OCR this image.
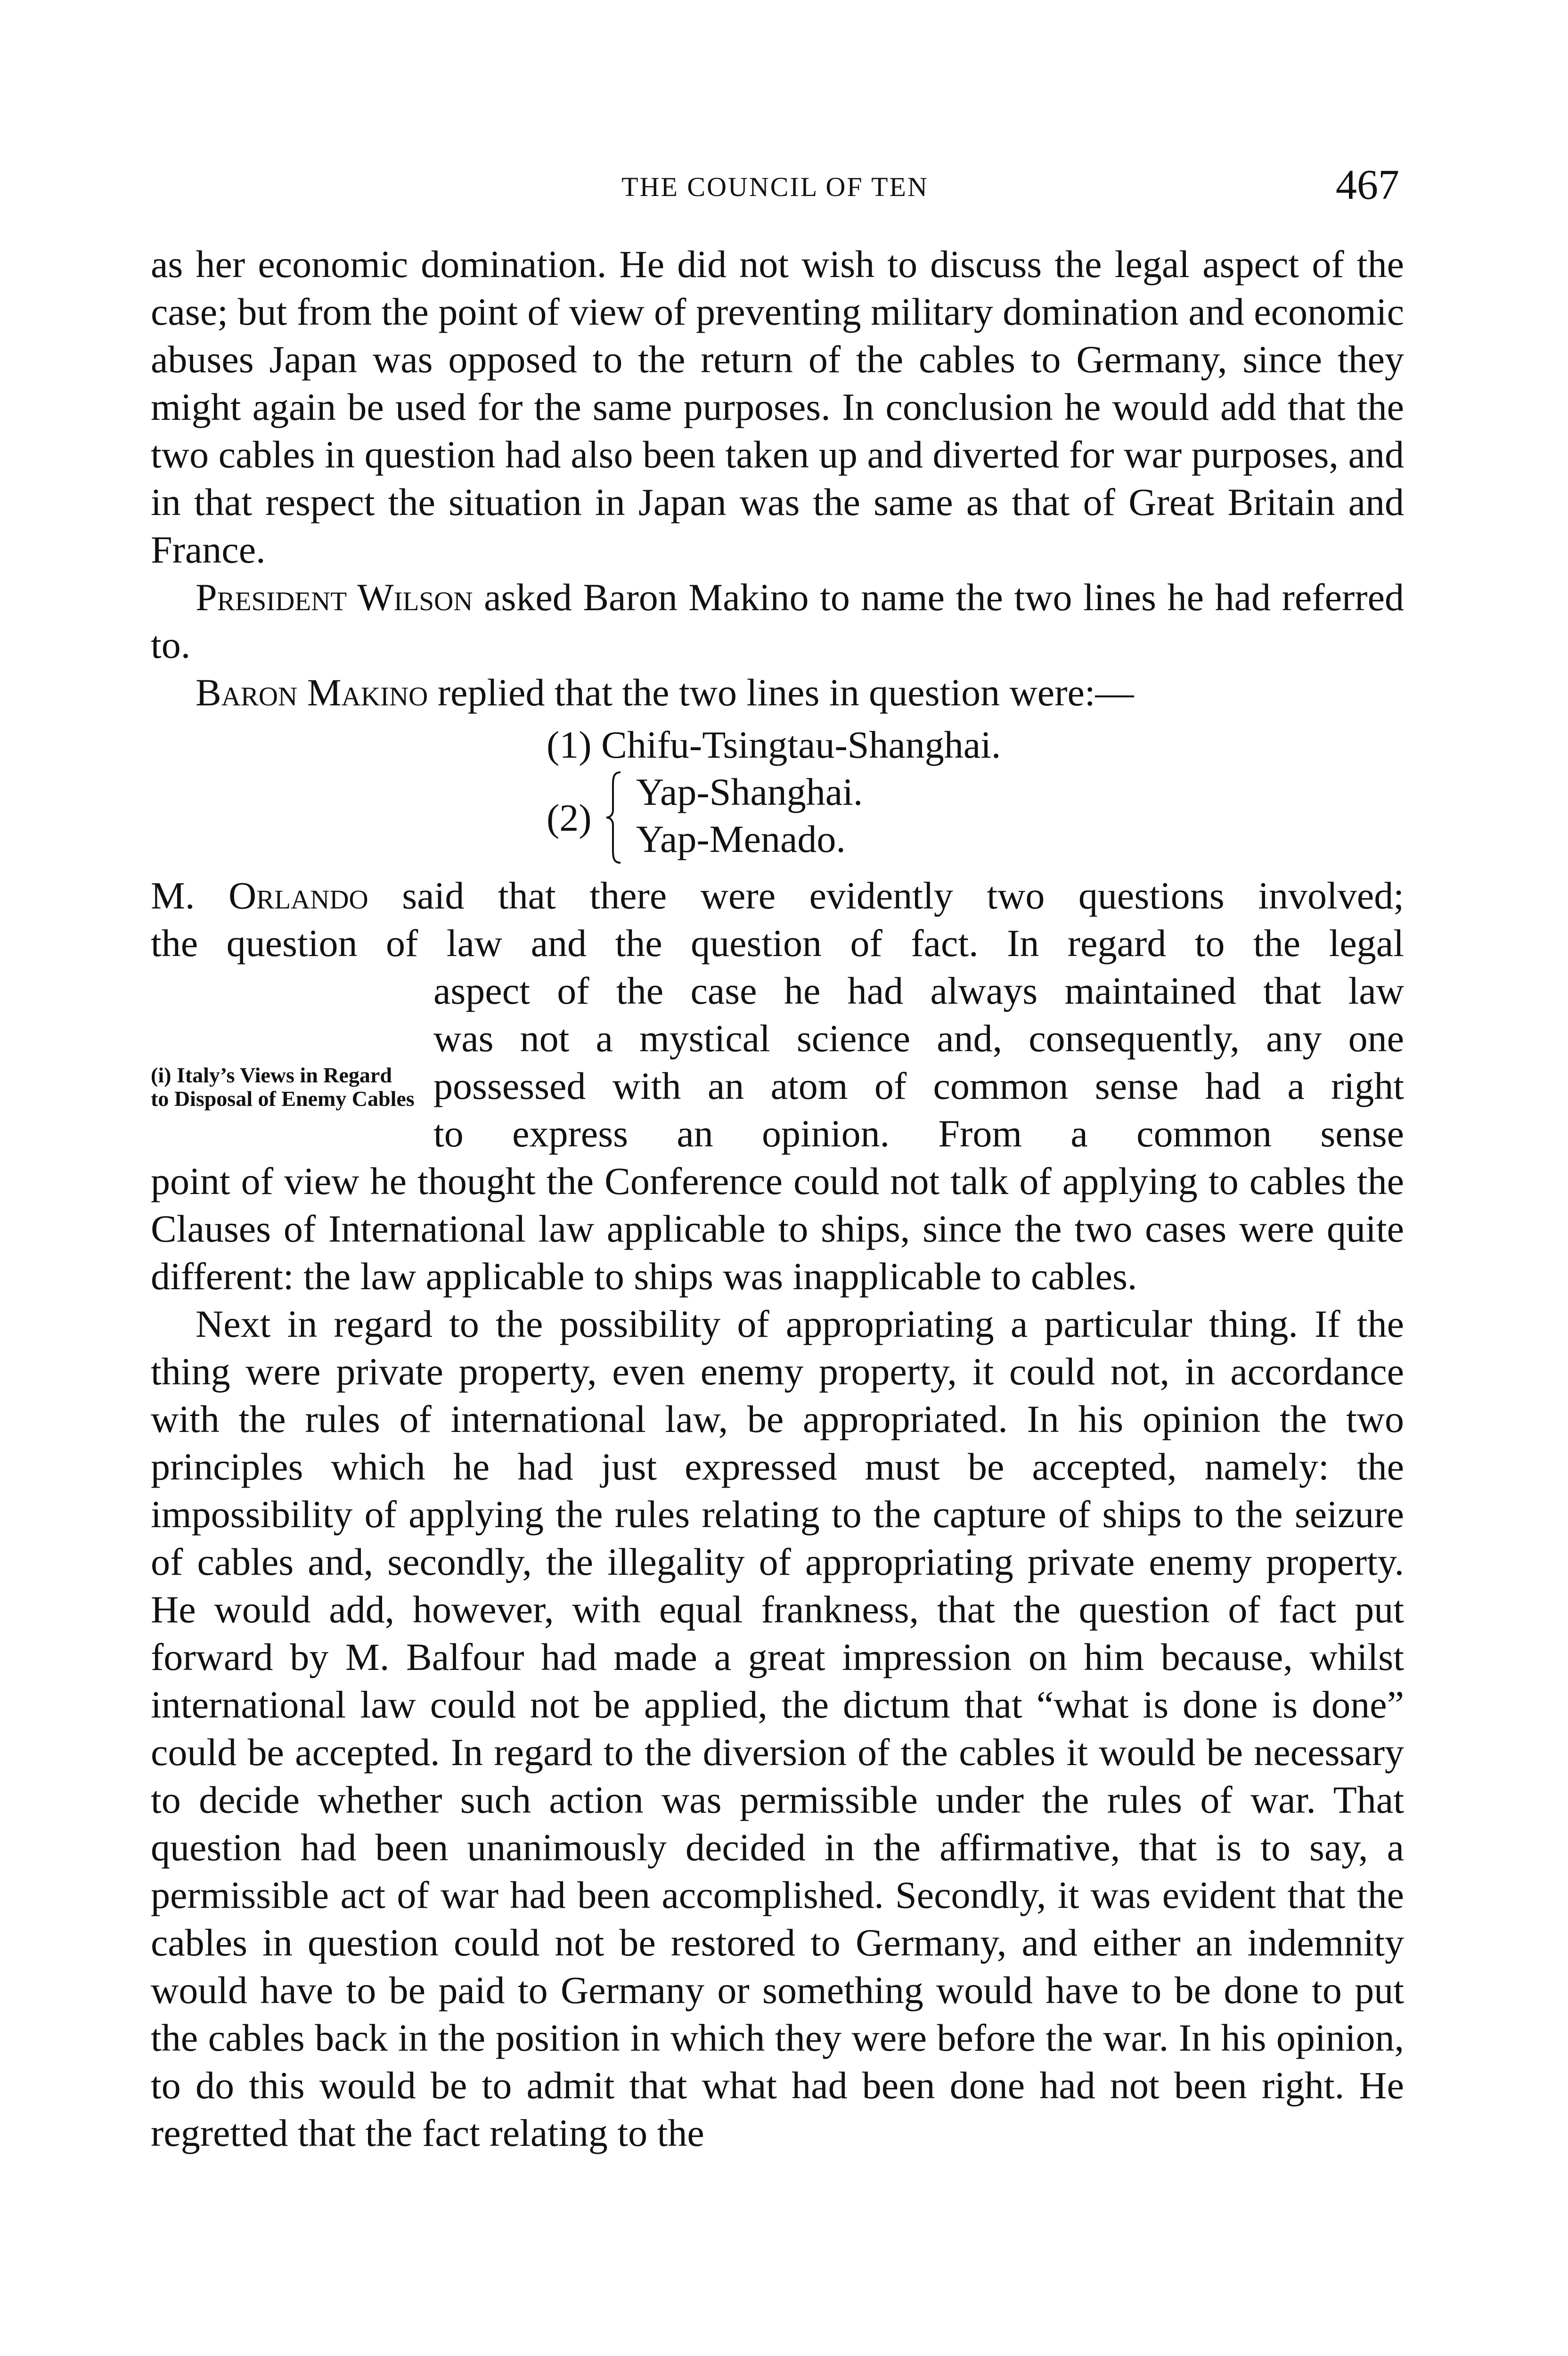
THE COUNCIL OF TEN	467

as her economic domination. He did not wish to discuss the legal aspect of the case; but from the point of view of preventing military domination and economic abuses Japan was opposed to the return of the cables to Germany, since they might again be used for the same purposes. In conclusion he would add that the two cables in question had also been taken up and diverted for war purposes, and in that respect the situation in Japan was the same as that of Great Britain and France.

President Wilson asked Baron Makino to name the two lines he had referred to.

Baron Makino replied that the two lines in question were:—

(1) Chifu-Tsingtau-Shanghai.
(2)
Yap-Shanghai.
Yap-Menado.

M. Orlando said that there were evidently two questions involved;

the question of law and the question of fact. In regard to the legal

(i) Italy’s Views in Regard to Disposal of Enemy Cables

aspect of the case he had always maintained that law

was not a mystical science and, consequently, any one

possessed with an atom of common sense had a right

to express an opinion. From a common sense

point of view he thought the Conference could not talk of applying to cables the Clauses of International law applicable to ships, since the two cases were quite different: the law applicable to ships was inapplicable to cables.

Next in regard to the possibility of appropriating a particular thing. If the thing were private property, even enemy property, it could not, in accordance with the rules of international law, be appropriated. In his opinion the two principles which he had just expressed must be accepted, namely: the impossibility of applying the rules relating to the capture of ships to the seizure of cables and, secondly, the illegality of appropriating private enemy property. He would add, however, with equal frankness, that the question of fact put forward by M. Balfour had made a great impression on him because, whilst international law could not be applied, the dictum that “what is done is done” could be accepted. In regard to the diversion of the cables it would be necessary to decide whether such action was permissible under the rules of war. That question had been unanimously decided in the affirmative, that is to say, a permissible act of war had been accomplished. Secondly, it was evident that the cables in question could not be restored to Germany, and either an indemnity would have to be paid to Germany or something would have to be done to put the cables back in the position in which they were before the war. In his opinion, to do this would be to admit that what had been done had not been right. He regretted that the fact relating to the
